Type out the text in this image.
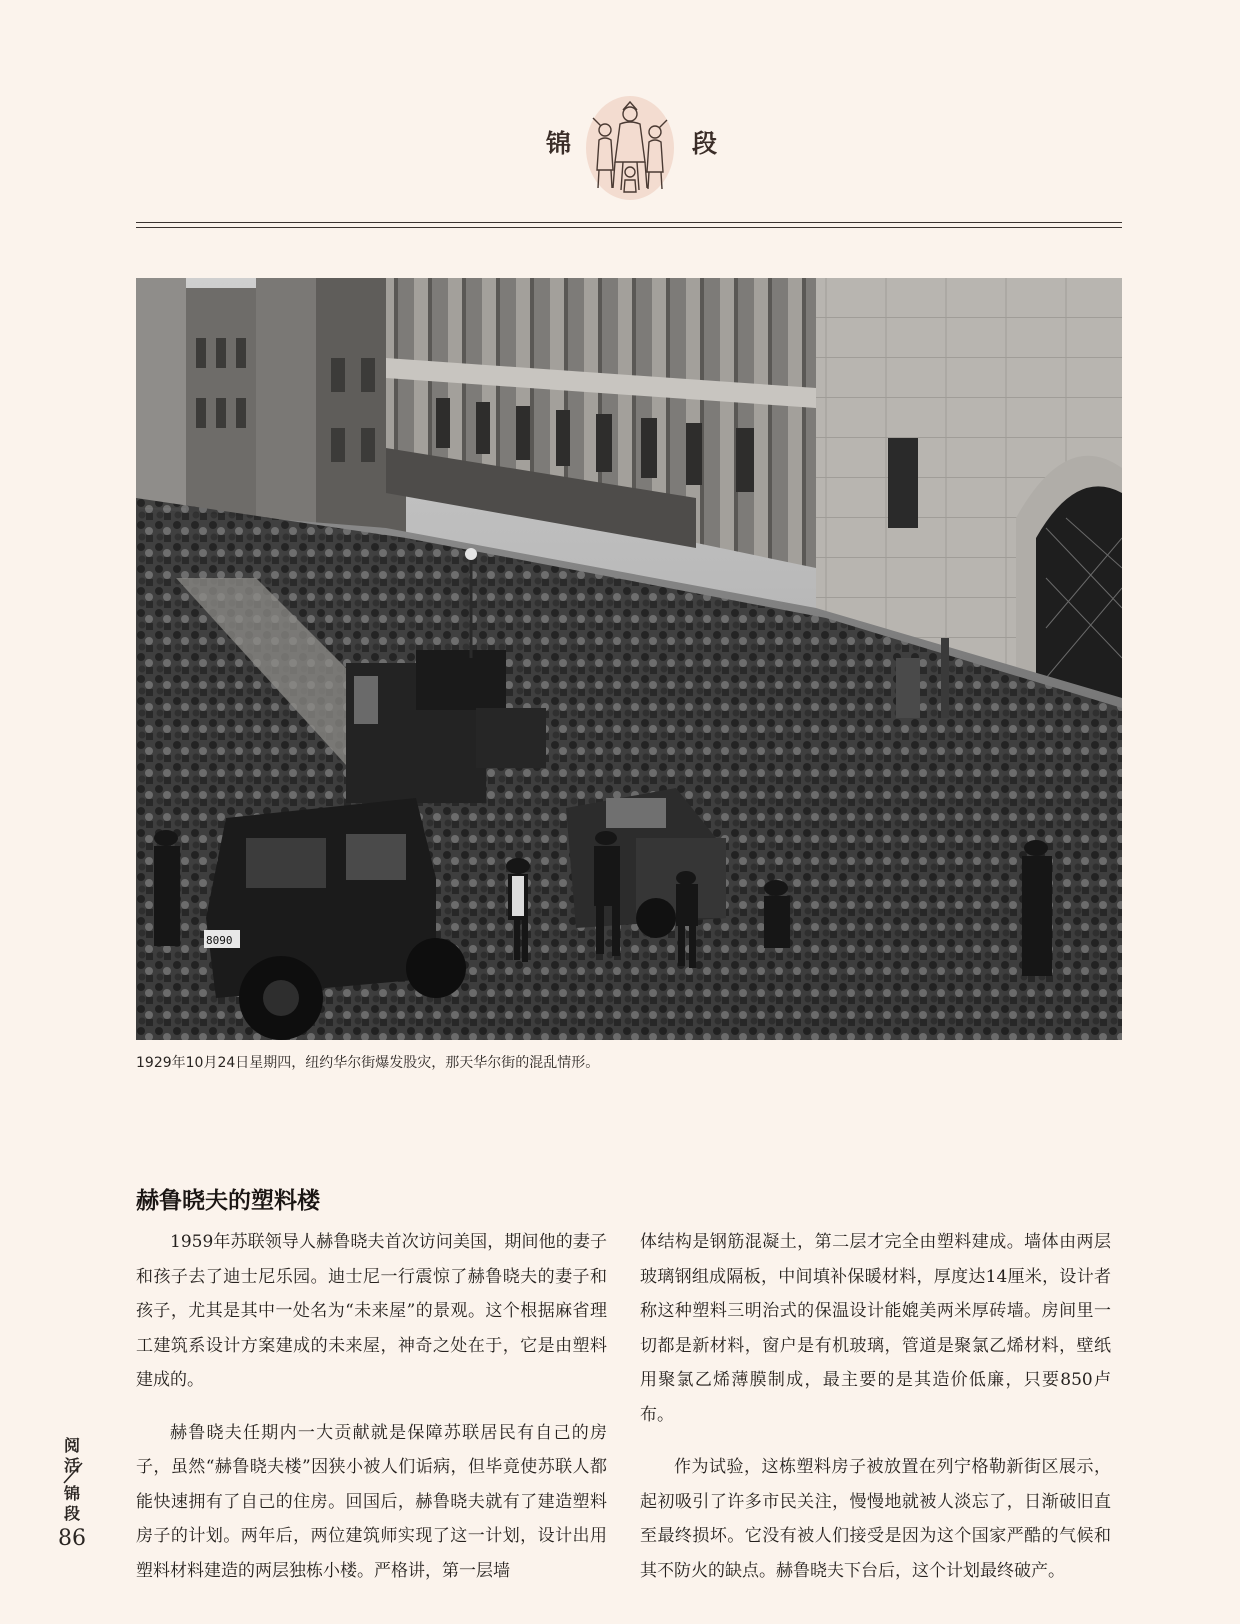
锦	段
8090
1929年10月24日星期四，纽约华尔街爆发股灾，那天华尔街的混乱情形。
赫鲁晓夫的塑料楼

1959年苏联领导人赫鲁晓夫首次访问美国，期间他的妻子和孩子去了迪士尼乐园。迪士尼一行震惊了赫鲁晓夫的妻子和孩子，尤其是其中一处名为“未来屋”的景观。这个根据麻省理工建筑系设计方案建成的未来屋，神奇之处在于，它是由塑料建成的。

赫鲁晓夫任期内一大贡献就是保障苏联居民有自己的房子，虽然“赫鲁晓夫楼”因狭小被人们诟病，但毕竟使苏联人都能快速拥有了自己的住房。回国后，赫鲁晓夫就有了建造塑料房子的计划。两年后，两位建筑师实现了这一计划，设计出用塑料材料建造的两层独栋小楼。严格讲，第一层墙

体结构是钢筋混凝土，第二层才完全由塑料建成。墙体由两层玻璃钢组成隔板，中间填补保暖材料，厚度达14厘米，设计者称这种塑料三明治式的保温设计能媲美两米厚砖墙。房间里一切都是新材料，窗户是有机玻璃，管道是聚氯乙烯材料，壁纸用聚氯乙烯薄膜制成，最主要的是其造价低廉，只要850卢布。

作为试验，这栋塑料房子被放置在列宁格勒新街区展示，起初吸引了许多市民关注，慢慢地就被人淡忘了，日渐破旧直至最终损坏。它没有被人们接受是因为这个国家严酷的气候和其不防火的缺点。赫鲁晓夫下台后，这个计划最终破产。

阅活
锦段
86
